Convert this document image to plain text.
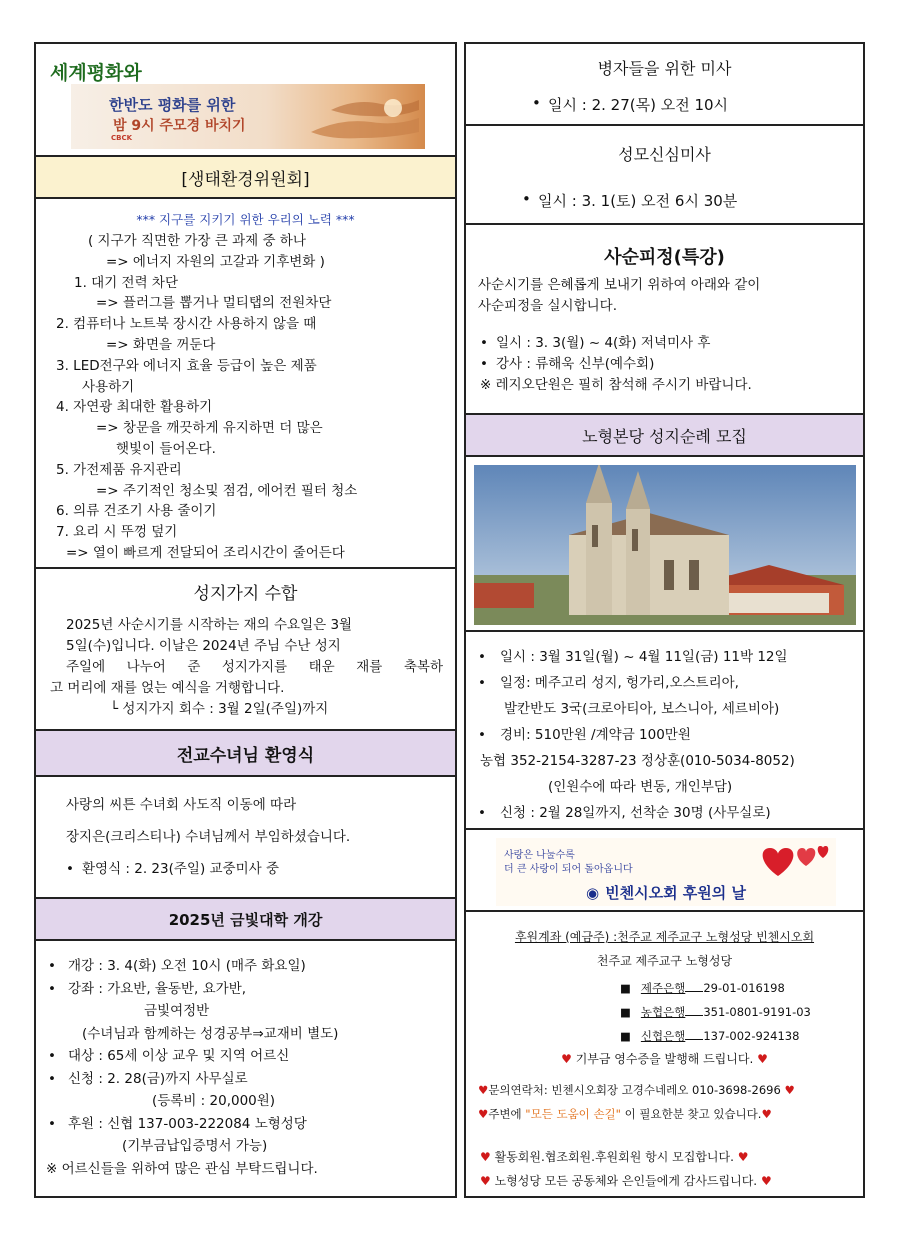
세계평화와
한반도 평화를 위한
밤 9시 주모경 바치기
CBCK
[생태환경위원회]
*** 지구를 지키기 위한 우리의 노력 ***
( 지구가 직면한 가장 큰 과제 중 하나
=> 에너지 자원의 고갈과 기후변화 )
1. 대기 전력 차단
=> 플러그를 뽑거나 멀티탭의 전원차단
2. 컴퓨터나 노트북 장시간 사용하지 않을 때
=> 화면을 꺼둔다
3. LED전구와 에너지 효율 등급이 높은 제품
사용하기
4. 자연광 최대한 활용하기
=> 창문을 깨끗하게 유지하면 더 많은
햇빛이 들어온다.
5. 가전제품 유지관리
=> 주기적인 청소및 점검, 에어컨 필터 청소
6. 의류 건조기 사용 줄이기
7. 요리 시 뚜껑 덮기
=> 열이 빠르게 전달되어 조리시간이 줄어든다
성지가지 수합
2025년 사순시기를 시작하는 재의 수요일은 3월
5일(수)입니다. 이날은 2024년 주님 수난 성지
주일에 나누어 준 성지가지를 태운 재를 축복하
고 머리에 재를 얹는 예식을 거행합니다.
└ 성지가지 회수 : 3월 2일(주일)까지
전교수녀님 환영식
사랑의 씨튼 수녀회 사도직 이동에 따라
장지은(크리스티나) 수녀님께서 부임하셨습니다.
• 환영식 : 2. 23(주일) 교중미사 중
2025년 금빛대학 개강
• 개강 : 3. 4(화) 오전 10시 (매주 화요일)
• 강좌 : 가요반, 율동반, 요가반,
금빛여정반
(수녀님과 함께하는 성경공부⇒교재비 별도)
• 대상 : 65세 이상 교우 및 지역 어르신
• 신청 : 2. 28(금)까지 사무실로
(등록비 : 20,000원)
• 후원 : 신협 137-003-222084 노형성당
(기부금납입증명서 가능)
※ 어르신들을 위하여 많은 관심 부탁드립니다.
병자들을 위한 미사
• 일시 : 2. 27(목) 오전 10시
성모신심미사
• 일시 : 3. 1(토) 오전 6시 30분
사순피정(특강)
사순시기를 은혜롭게 보내기 위하여 아래와 같이
사순피정을 실시합니다.
• 일시 : 3. 3(월) ~ 4(화) 저녁미사 후
• 강사 : 류해욱 신부(예수회)
※ 레지오단원은 필히 참석해 주시기 바랍니다.
노형본당 성지순례 모집
• 일시 : 3월 31일(월) ~ 4월 11일(금) 11박 12일
• 일정: 메주고리 성지, 헝가리,오스트리아,
발칸반도 3국(크로아티아, 보스니아, 세르비아)
• 경비: 510만원 /계약금 100만원
농협 352-2154-3287-23 정상훈(010-5034-8052)
(인원수에 따라 변동, 개인부담)
• 신청 : 2월 28일까지, 선착순 30명 (사무실로)
사랑은 나눌수록
더 큰 사랑이 되어 돌아옵니다
◉ 빈첸시오회 후원의 날
후원계좌 (예금주) :천주교 제주교구 노형성당 빈첸시오회
천주교 제주교구 노형성당
■ 제주은행 29-01-016198
■ 농협은행 351-0801-9191-03
■ 신협은행 137-002-924138
♥ 기부금 영수증을 발행해 드립니다. ♥
♥문의연락처: 빈첸시오회장 고경수네레오 010-3698-2696 ♥
♥주변에 "모든 도움이 손길" 이 필요한분 찾고 있습니다.♥
♥ 활동회원.협조회원.후원회원 항시 모집합니다. ♥
♥ 노형성당 모든 공동체와 은인들에게 감사드립니다. ♥
